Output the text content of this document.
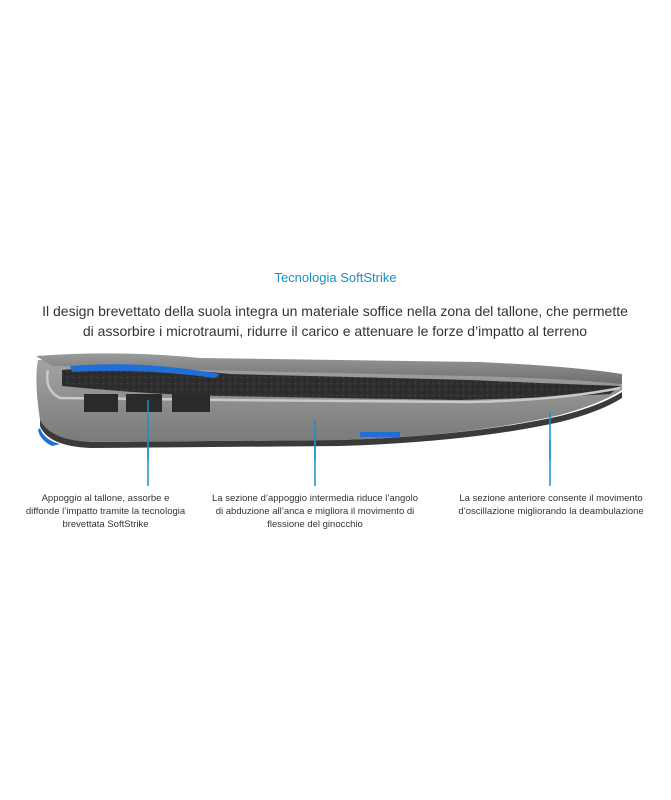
Tecnologia SoftStrike
Il design brevettato della suola integra un materiale soffice nella zona del tallone, che permette
di assorbire i microtraumi, ridurre il carico e attenuare le forze d’impatto al terreno
Appoggio al tallone, assorbe e
diffonde l’impatto tramite la tecnologia
brevettata SoftStrike
La sezione d’appoggio intermedia riduce l’angolo
di abduzione all’anca e migliora il movimento di
flessione del ginocchio
La sezione anteriore consente il movimento
d’oscillazione migliorando la deambulazione
